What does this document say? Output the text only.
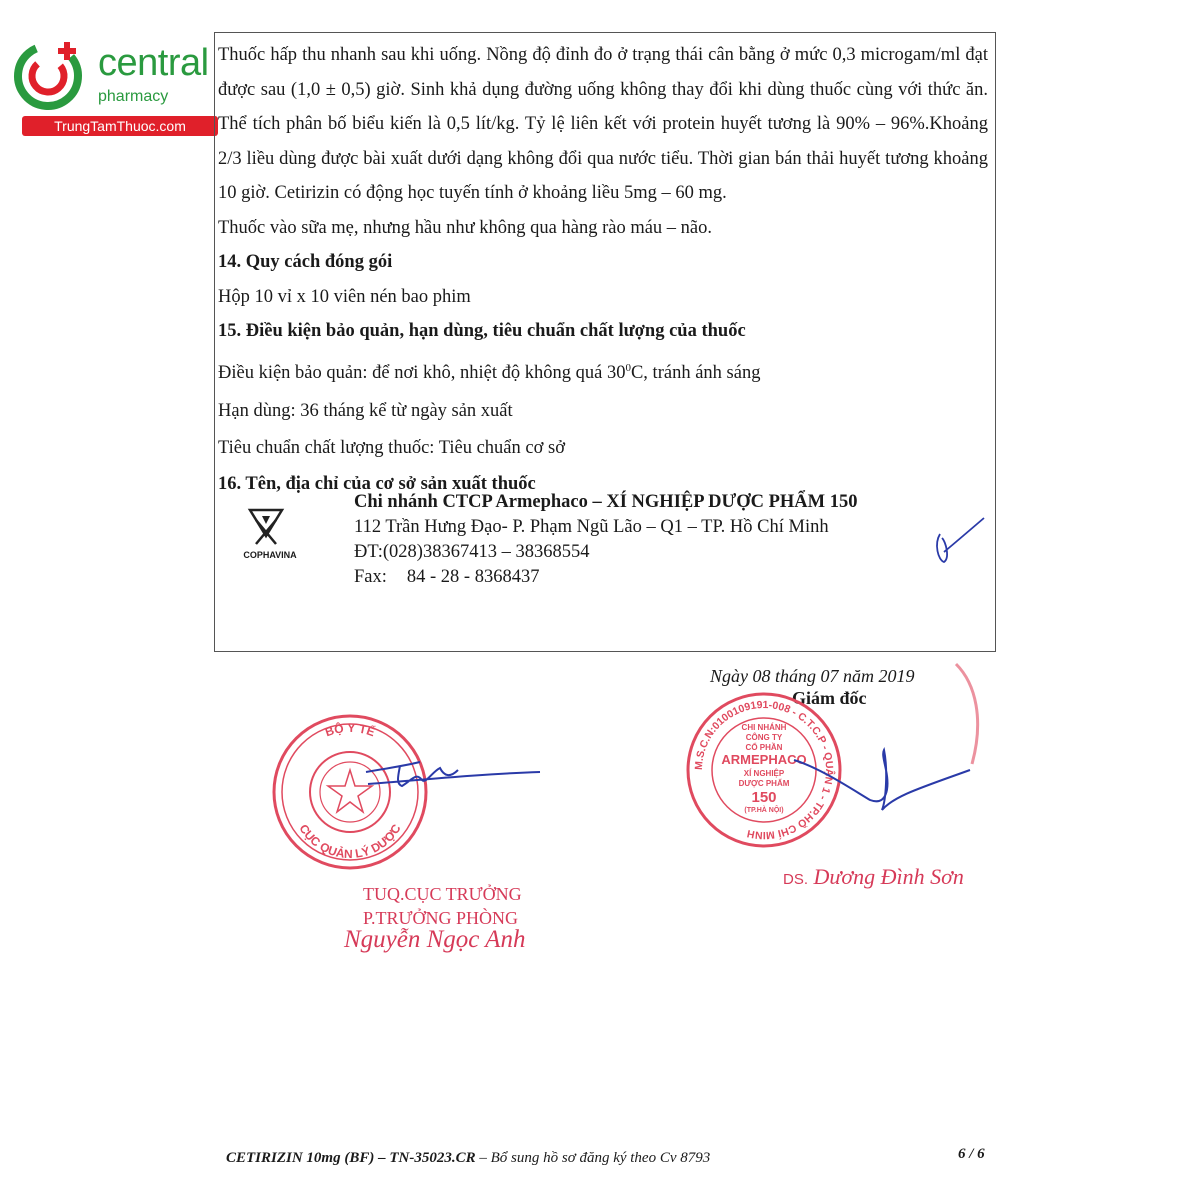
central
pharmacy
TrungTamThuoc.com

Thuốc hấp thu nhanh sau khi uống. Nồng độ đỉnh đo ở trạng thái cân bằng ở mức 0,3 microgam/ml đạt được sau (1,0 ± 0,5) giờ. Sinh khả dụng đường uống không thay đổi khi dùng thuốc cùng với thức ăn. Thể tích phân bố biểu kiến là 0,5 lít/kg. Tỷ lệ liên kết với protein huyết tương là 90% – 96%.Khoảng 2/3 liều dùng được bài xuất dưới dạng không đổi qua nước tiểu. Thời gian bán thải huyết tương khoảng 10 giờ. Cetirizin có động học tuyến tính ở khoảng liều 5mg – 60 mg.

Thuốc vào sữa mẹ, nhưng hầu như không qua hàng rào máu – não.

14. Quy cách đóng gói

Hộp 10 vỉ x 10 viên nén bao phim

15. Điều kiện bảo quản, hạn dùng, tiêu chuẩn chất lượng của thuốc

Điều kiện bảo quản: để nơi khô, nhiệt độ không quá $30^0C$, tránh ánh sáng

Hạn dùng: 36 tháng kể từ ngày sản xuất

Tiêu chuẩn chất lượng thuốc: Tiêu chuẩn cơ sở

16. Tên, địa chỉ của cơ sở sản xuất thuốc

COPHAVINA
Chi nhánh CTCP Armephaco – XÍ NGHIỆP DƯỢC PHẨM 150
112 Trần Hưng Đạo- P. Phạm Ngũ Lão – Q1 – TP. Hồ Chí Minh
ĐT:(028)38367413 – 38368554
Fax: 84 - 28 - 8368437
Ngày 08 tháng 07 năm 2019
Giám đốc
BỘ Y TẾ
CỤC QUẢN LÝ DƯỢC
M.S.C.N:0100109191-008 - C.T.C.P - QUẬN 1 - TP.HỒ CHÍ MINH
CHI NHÁNH
CÔNG TY
CỔ PHẦN
ARMEPHACO
XÍ NGHIỆP
DƯỢC PHẨM
150
(TP.HÀ NỘI)
TUQ.CỤC TRƯỞNG
P.TRƯỞNG PHÒNG
Nguyễn Ngọc Anh
DS. Dương Đình Sơn
CETIRIZIN 10mg (BF) – TN-35023.CR – Bổ sung hồ sơ đăng ký theo Cv 8793	6 / 6
